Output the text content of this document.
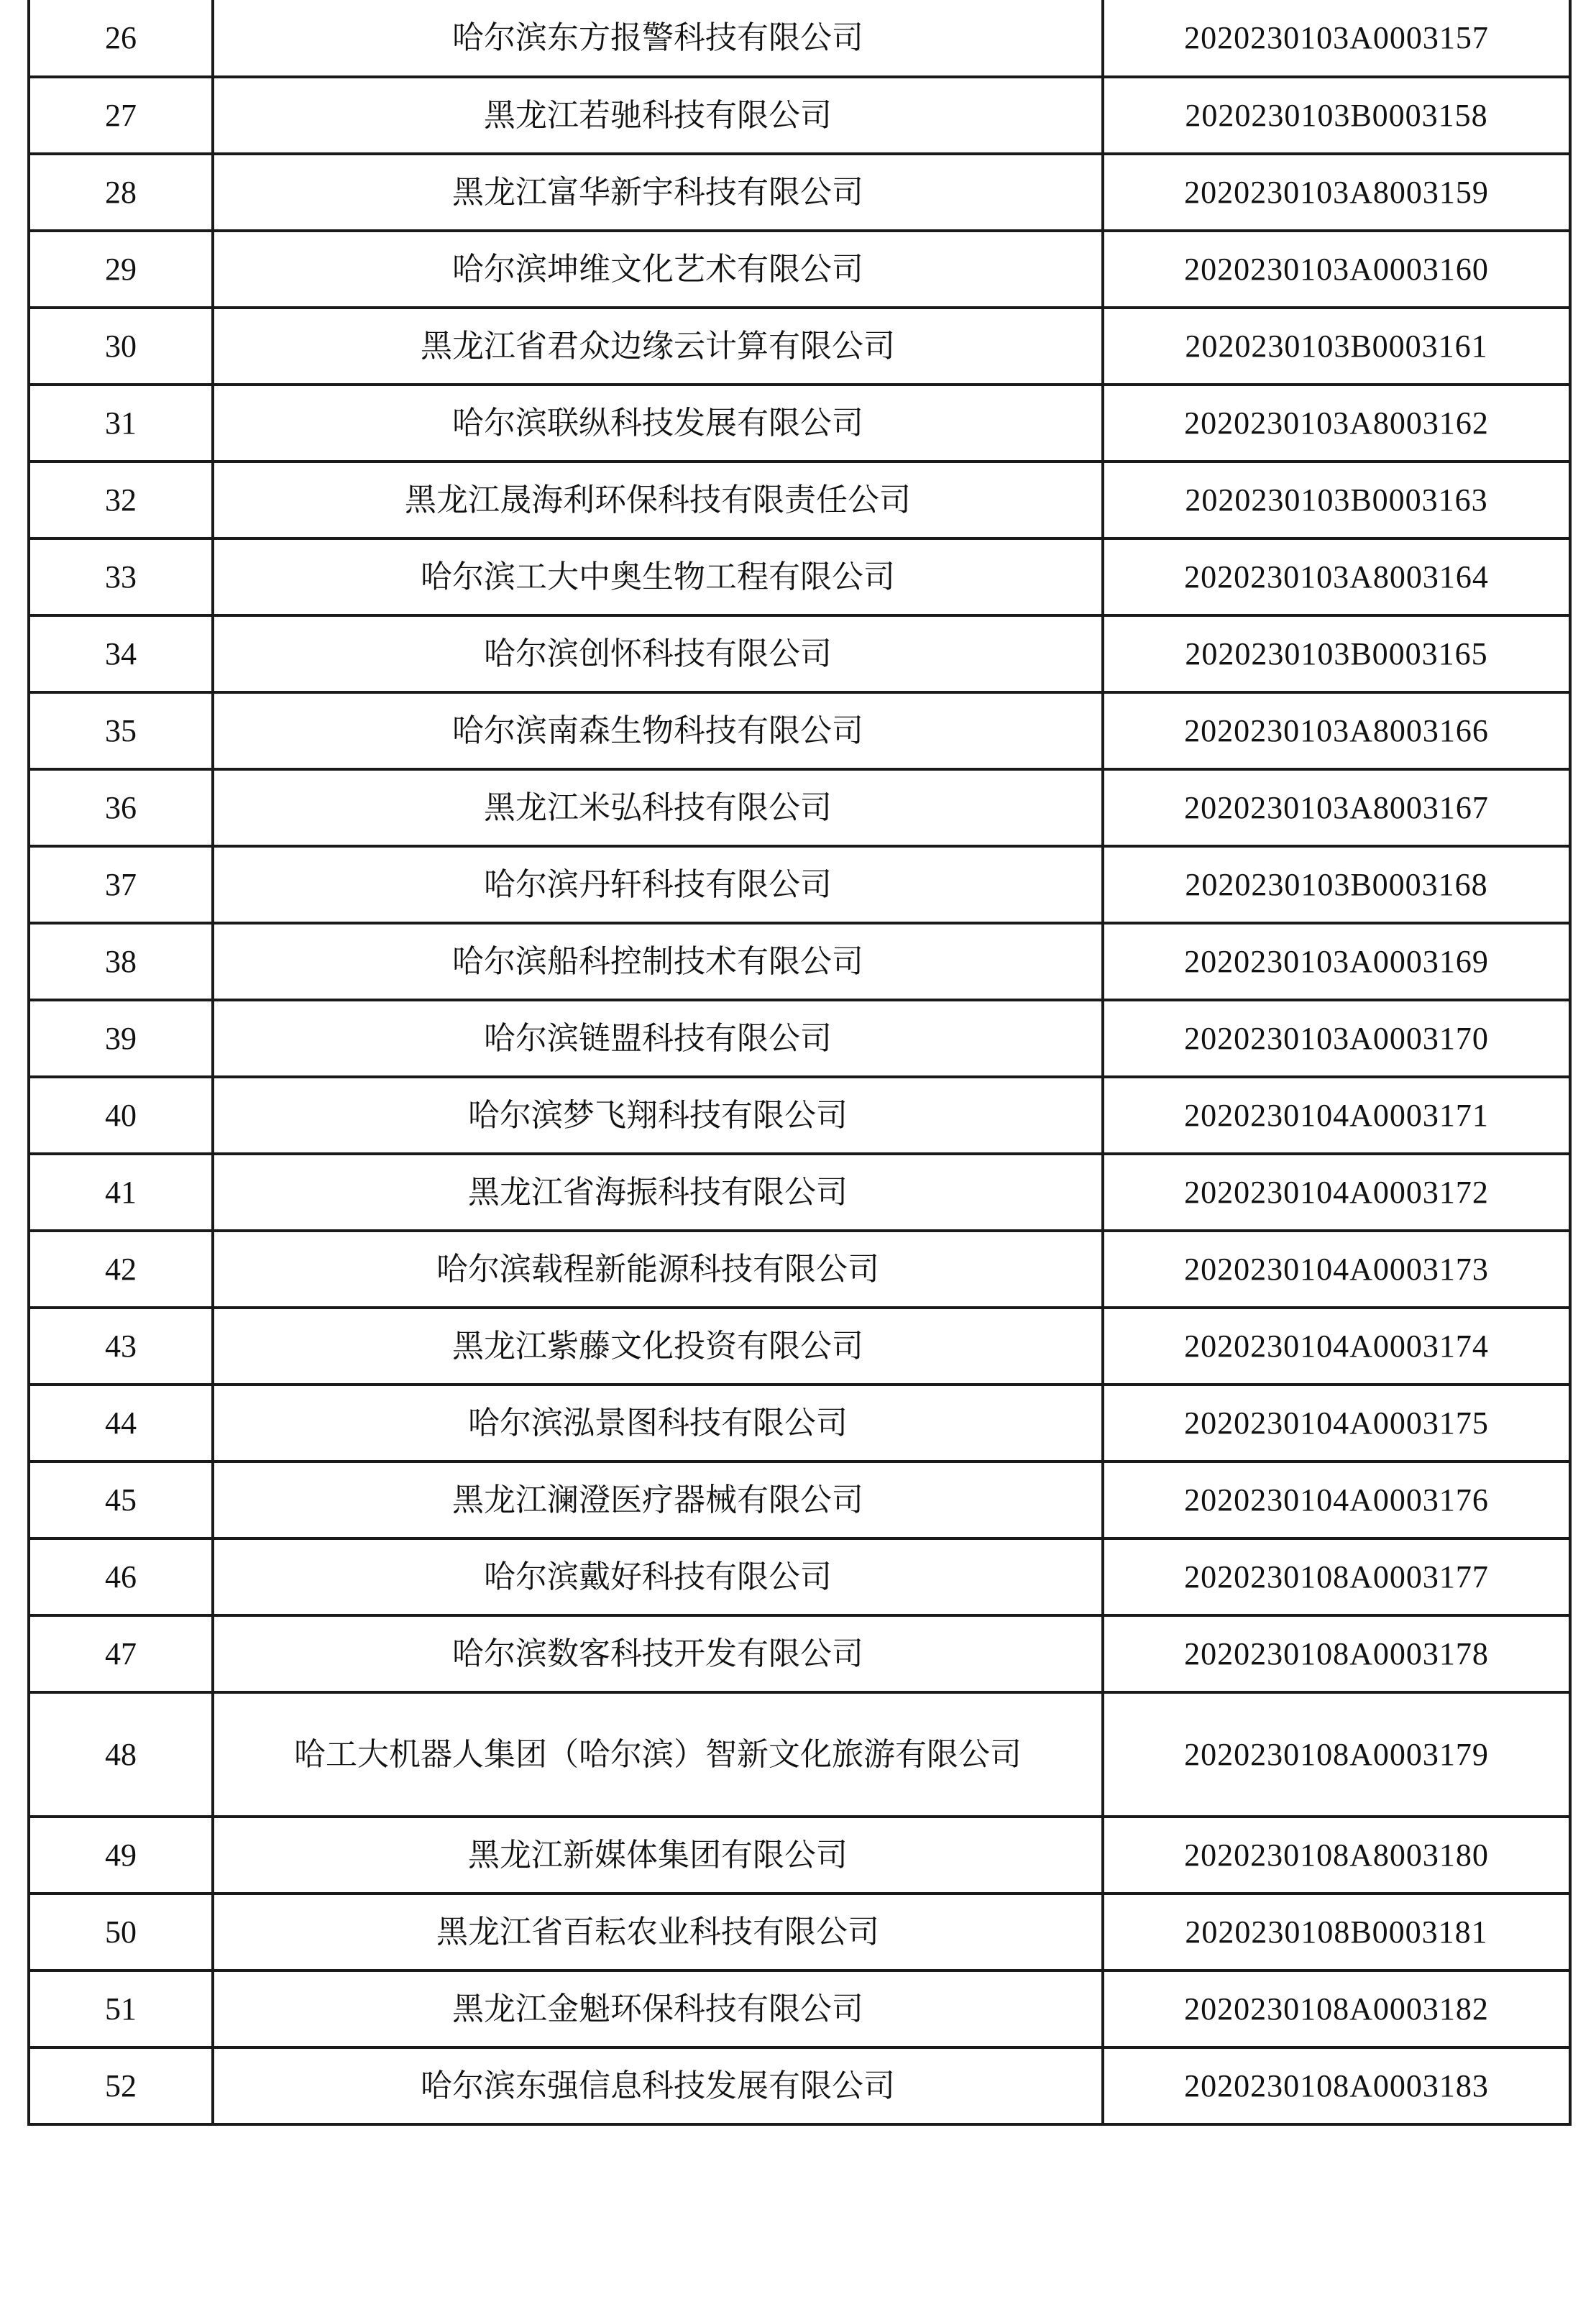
26	哈尔滨东方报警科技有限公司	2020230103A0003157
27	黑龙江若驰科技有限公司	2020230103B0003158
28	黑龙江富华新宇科技有限公司	2020230103A8003159
29	哈尔滨坤维文化艺术有限公司	2020230103A0003160
30	黑龙江省君众边缘云计算有限公司	2020230103B0003161
31	哈尔滨联纵科技发展有限公司	2020230103A8003162
32	黑龙江晟海利环保科技有限责任公司	2020230103B0003163
33	哈尔滨工大中奥生物工程有限公司	2020230103A8003164
34	哈尔滨创怀科技有限公司	2020230103B0003165
35	哈尔滨南森生物科技有限公司	2020230103A8003166
36	黑龙江米弘科技有限公司	2020230103A8003167
37	哈尔滨丹轩科技有限公司	2020230103B0003168
38	哈尔滨船科控制技术有限公司	2020230103A0003169
39	哈尔滨链盟科技有限公司	2020230103A0003170
40	哈尔滨梦飞翔科技有限公司	2020230104A0003171
41	黑龙江省海振科技有限公司	2020230104A0003172
42	哈尔滨载程新能源科技有限公司	2020230104A0003173
43	黑龙江紫藤文化投资有限公司	2020230104A0003174
44	哈尔滨泓景图科技有限公司	2020230104A0003175
45	黑龙江澜澄医疗器械有限公司	2020230104A0003176
46	哈尔滨戴好科技有限公司	2020230108A0003177
47	哈尔滨数客科技开发有限公司	2020230108A0003178
48	哈工大机器人集团（哈尔滨）智新文化旅游有限公司	2020230108A0003179
49	黑龙江新媒体集团有限公司	2020230108A8003180
50	黑龙江省百耘农业科技有限公司	2020230108B0003181
51	黑龙江金魁环保科技有限公司	2020230108A0003182
52	哈尔滨东强信息科技发展有限公司	2020230108A0003183
